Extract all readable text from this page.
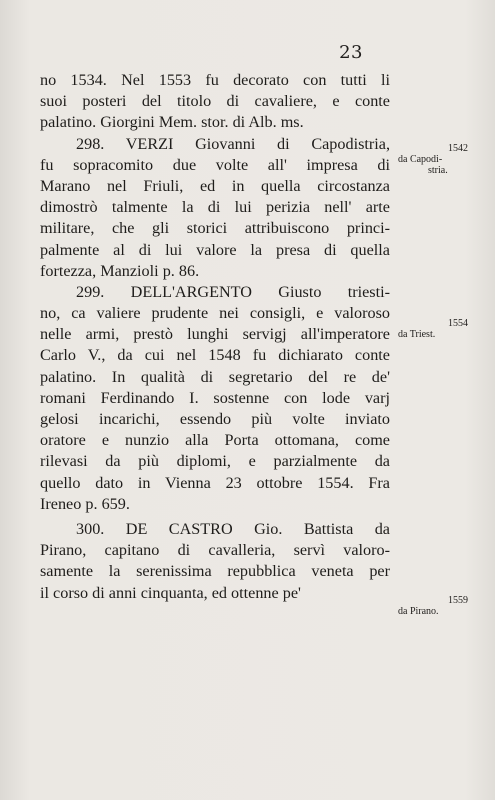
23
no 1534. Nel 1553 fu decorato con tutti li
suoi posteri del titolo di cavaliere, e conte
palatino. Giorgini Mem. stor. di Alb. ms.
298. VERZI Giovanni di Capodistria,
fu sopracomito due volte all' impresa di
Marano nel Friuli, ed in quella circostanza
dimostrò talmente la di lui perizia nell' arte
militare, che gli storici attribuiscono princi-
palmente al di lui valore la presa di quella
fortezza, Manzioli p. 86.
299. DELL'ARGENTO Giusto triesti-
no, ca valiere prudente nei consigli, e valoroso
nelle armi, prestò lunghi servigj all'imperatore
Carlo V., da cui nel 1548 fu dichiarato conte
palatino. In qualità di segretario del re de'
romani Ferdinando I. sostenne con lode varj
gelosi incarichi, essendo più volte inviato
oratore e nunzio alla Porta ottomana, come
rilevasi da più diplomi, e parzialmente da
quello dato in Vienna 23 ottobre 1554. Fra
Ireneo p. 659.
300. DE CASTRO Gio. Battista da
Pirano, capitano di cavalleria, servì valoro-
samente la serenissima repubblica veneta per
il corso di anni cinquanta, ed ottenne pe'
1542
da Capodi-
stria.
1554
da Triest.
1559
da Pirano.
